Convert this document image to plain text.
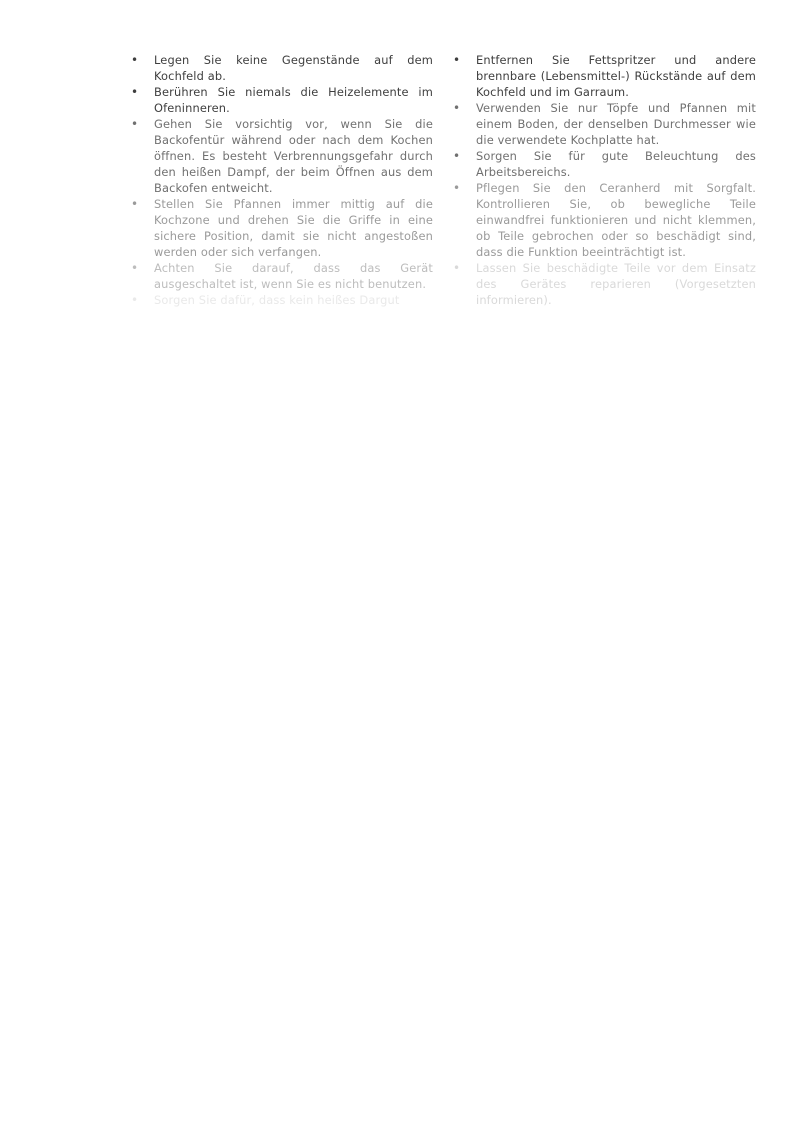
• Legen Sie keine Gegenstände auf dem Kochfeld ab.
• Berühren Sie niemals die Heizelemente im Ofeninneren.
• Gehen Sie vorsichtig vor, wenn Sie die Backofentür während oder nach dem Kochen öffnen. Es besteht Verbrennungsgefahr durch den heißen Dampf, der beim Öffnen aus dem Backofen entweicht.
• Stellen Sie Pfannen immer mittig auf die Kochzone und drehen Sie die Griffe in eine sichere Position, damit sie nicht angestoßen werden oder sich verfangen.
• Achten Sie darauf, dass das Gerät ausgeschaltet ist, wenn Sie es nicht benutzen.
• Sorgen Sie dafür, dass kein heißes Dargut
• Entfernen Sie Fettspritzer und andere brennbare (Lebensmittel-) Rückstände auf dem Kochfeld und im Garraum.
• Verwenden Sie nur Töpfe und Pfannen mit einem Boden, der denselben Durchmesser wie die verwendete Kochplatte hat.
• Sorgen Sie für gute Beleuchtung des Arbeitsbereichs.
• Pflegen Sie den Ceranherd mit Sorgfalt. Kontrollieren Sie, ob bewegliche Teile einwandfrei funktionieren und nicht klemmen, ob Teile gebrochen oder so beschädigt sind, dass die Funktion beeinträchtigt ist.
• Lassen Sie beschädigte Teile vor dem Einsatz des Gerätes reparieren (Vorgesetzten informieren).
